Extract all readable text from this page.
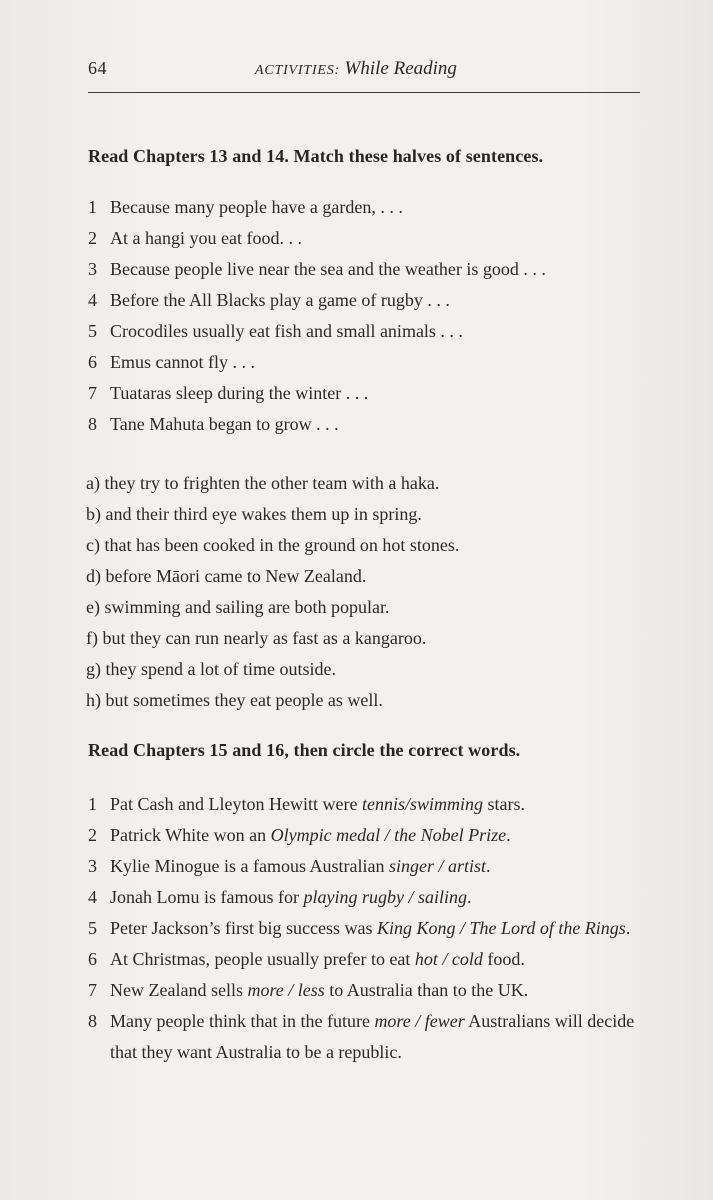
64	ACTIVITIES: While Reading
Read Chapters 13 and 14. Match these halves of sentences.
1 Because many people have a garden, . . .
2 At a hangi you eat food. . .
3 Because people live near the sea and the weather is good . . .
4 Before the All Blacks play a game of rugby . . .
5 Crocodiles usually eat fish and small animals . . .
6 Emus cannot fly . . .
7 Tuataras sleep during the winter . . .
8 Tane Mahuta began to grow . . .
a) they try to frighten the other team with a haka.
b) and their third eye wakes them up in spring.
c) that has been cooked in the ground on hot stones.
d) before Māori came to New Zealand.
e) swimming and sailing are both popular.
f) but they can run nearly as fast as a kangaroo.
g) they spend a lot of time outside.
h) but sometimes they eat people as well.
Read Chapters 15 and 16, then circle the correct words.
1 Pat Cash and Lleyton Hewitt were tennis/swimming stars.
2 Patrick White won an Olympic medal / the Nobel Prize.
3 Kylie Minogue is a famous Australian singer / artist.
4 Jonah Lomu is famous for playing rugby / sailing.
5 Peter Jackson’s first big success was King Kong / The Lord of the Rings.
6 At Christmas, people usually prefer to eat hot / cold food.
7 New Zealand sells more / less to Australia than to the UK.
8 Many people think that in the future more / fewer Australians will decide that they want Australia to be a republic.
